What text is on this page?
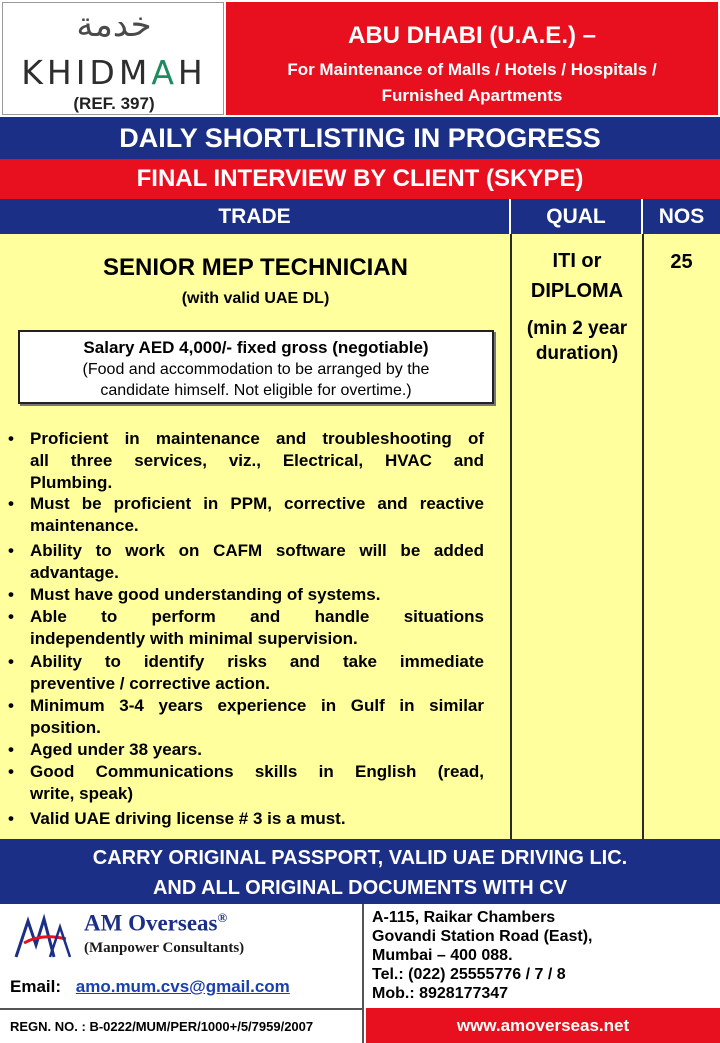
خدمة
KHIDMAH
(REF. 397)
ABU DHABI (U.A.E.) –
For Maintenance of Malls / Hotels / Hospitals /
Furnished Apartments
DAILY SHORTLISTING IN PROGRESS
FINAL INTERVIEW BY CLIENT (SKYPE)
TRADE	QUAL	NOS
SENIOR MEP TECHNICIAN
(with valid UAE DL)
Salary AED 4,000/- fixed gross (negotiable)
(Food and accommodation to be arranged by the
candidate himself. Not eligible for overtime.)
ITI or
DIPLOMA
(min 2 year
duration)
25
• Proficient in maintenance and troubleshooting of
all three services, viz., Electrical, HVAC and
Plumbing.
• Must be proficient in PPM, corrective and reactive
maintenance.
• Ability to work on CAFM software will be added
advantage.
• Must have good understanding of systems.
• Able to perform and handle situations
independently with minimal supervision.
• Ability to identify risks and take immediate
preventive / corrective action.
• Minimum 3-4 years experience in Gulf in similar
position.
• Aged under 38 years.
• Good Communications skills in English (read,
write, speak)
• Valid UAE driving license # 3 is a must.
CARRY ORIGINAL PASSPORT, VALID UAE DRIVING LIC.
AND ALL ORIGINAL DOCUMENTS WITH CV
AM Overseas®
(Manpower Consultants)
Email: amo.mum.cvs@gmail.com
REGN. NO. : B-0222/MUM/PER/1000+/5/7959/2007
A-115, Raikar Chambers
Govandi Station Road (East),
Mumbai – 400 088.
Tel.: (022) 25555776 / 7 / 8
Mob.: 8928177347
www.amoverseas.net
